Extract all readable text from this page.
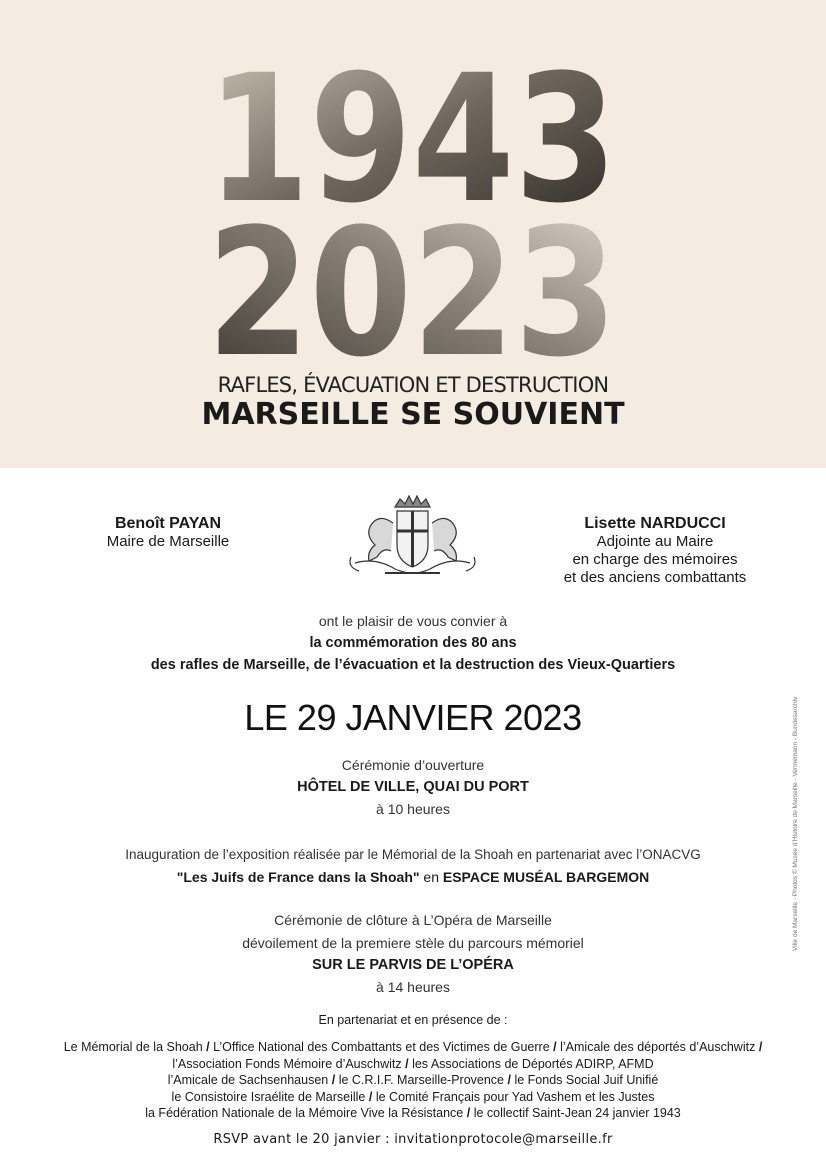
1943
2023
RAFLES, ÉVACUATION ET DESTRUCTION
MARSEILLE SE SOUVIENT
Benoît PAYAN
Maire de Marseille
Lisette NARDUCCI
Adjointe au Maire
en charge des mémoires
et des anciens combattants
ont le plaisir de vous convier à
la commémoration des 80 ans
des rafles de Marseille, de l’évacuation et la destruction des Vieux-Quartiers
LE 29 JANVIER 2023
Cérémonie d’ouverture
HÔTEL DE VILLE, QUAI DU PORT
à 10 heures
Inauguration de l’exposition réalisée par le Mémorial de la Shoah en partenariat avec l’ONACVG
"Les Juifs de France dans la Shoah" en ESPACE MUSÉAL BARGEMON
Cérémonie de clôture à L’Opéra de Marseille
dévoilement de la premiere stèle du parcours mémoriel
SUR LE PARVIS DE L’OPÉRA
à 14 heures
En partenariat et en présence de :
Le Mémorial de la Shoah / L’Office National des Combattants et des Victimes de Guerre / l’Amicale des déportés d’Auschwitz /
l’Association Fonds Mémoire d’Auschwitz / les Associations de Déportés ADIRP, AFMD
l’Amicale de Sachsenhausen / le C.R.I.F. Marseille-Provence / le Fonds Social Juif Unifié
le Consistoire Israélite de Marseille / le Comité Français pour Yad Vashem et les Justes
la Fédération Nationale de la Mémoire Vive la Résistance / le collectif Saint-Jean 24 janvier 1943
RSVP avant le 20 janvier : invitationprotocole@marseille.fr
Ville de Marseille - Photos © Musée d’Histoire de Marseille - Vennemann - Bundesarchiv
